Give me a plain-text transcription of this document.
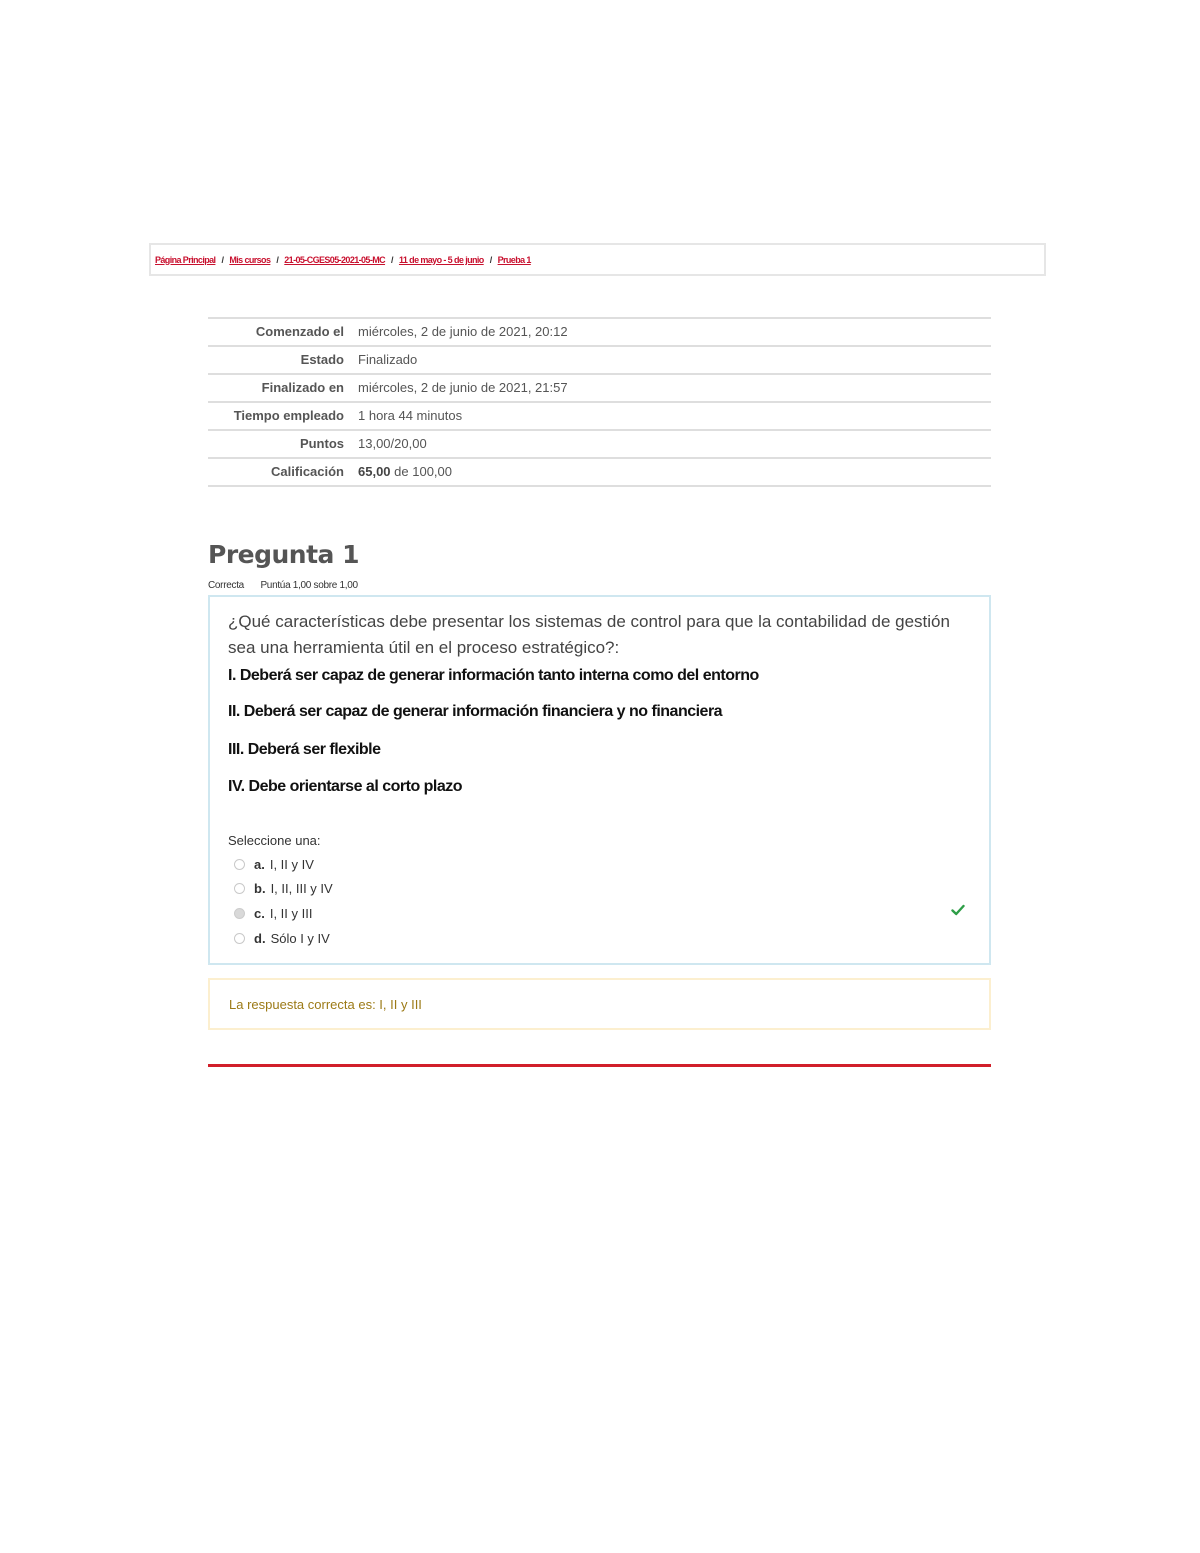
Página Principal / Mis cursos / 21-05-CGES05-2021-05-MC / 11 de mayo - 5 de junio / Prueba 1
Comenzado el	miércoles, 2 de junio de 2021, 20:12
Estado	Finalizado
Finalizado en	miércoles, 2 de junio de 2021, 21:57
Tiempo empleado	1 hora 44 minutos
Puntos	13,00/20,00
Calificación	65,00 de 100,00
Pregunta 1
Correcta Puntúa 1,00 sobre 1,00

¿Qué características debe presentar los sistemas de control para que la contabilidad de gestión sea una herramienta útil en el proceso estratégico?:

I. Deberá ser capaz de generar información tanto interna como del entorno

II. Deberá ser capaz de generar información financiera y no financiera

III. Deberá ser flexible

IV. Debe orientarse al corto plazo

Seleccione una:
a. I, II y IV
b. I, II, III y IV
c. I, II y III
d. Sólo I y IV
La respuesta correcta es: I, II y III
